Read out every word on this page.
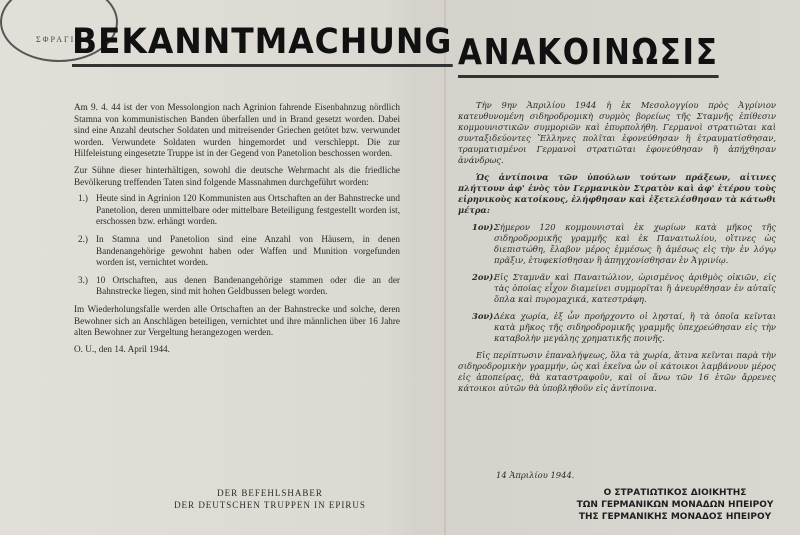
ΣΦΡΑΓΙΣ
BEKANNTMACHUNG

Am 9. 4. 44 ist der von Messolongion nach Agrinion fahrende Eisenbahnzug nördlich Stamna von kommunistischen Banden überfallen und in Brand gesetzt worden. Dabei sind eine Anzahl deutscher Soldaten und mitreisender Griechen getötet bzw. verwundet worden. Verwundete Soldaten wurden hingemordet und verschleppt. Die zur Hilfeleistung eingesetzte Truppe ist in der Gegend von Panetolion beschossen worden.

Zur Sühne dieser hinterhältigen, sowohl die deutsche Wehrmacht als die friedliche Bevölkerung treffenden Taten sind folgende Massnahmen durchgeführt worden:

1.) Heute sind in Agrinion 120 Kommunisten aus Ortschaften an der Bahnstrecke und Panetolion, deren unmittelbare oder mittelbare Beteiligung festgestellt worden ist, erschossen bzw. erhängt worden.
2.) In Stamna und Panetolion sind eine Anzahl von Häusern, in denen Bandenangehörige gewohnt haben oder Waffen und Munition vorgefunden worden ist, vernichtet worden.
3.) 10 Ortschaften, aus denen Bandenangehörige stammen oder die an der Bahnstrecke liegen, sind mit hohen Geldbussen belegt worden.

Im Wiederholungsfalle werden alle Ortschaften an der Bahnstrecke und solche, deren Bewohner sich an Anschlägen beteiligen, vernichtet und ihre männlichen über 16 Jahre alten Bewohner zur Vergeltung herangezogen werden.

O. U., den 14. April 1944.

DER BEFEHLSHABER
DER DEUTSCHEN TRUPPEN IN EPIRUS
ΑΝΑΚΟΙΝΩΣΙΣ

Τὴν 9ην Ἀπριλίου 1944 ἡ ἐκ Μεσολογγίου πρὸς Ἀγρίνιον κατευθυνομένη σιδηροδρομικὴ συρμὸς βορείως τῆς Σταμνῆς ἐπίθεσιν κομμουνιστικῶν συμμοριῶν καὶ ἐπυρπολήθη. Γερμανοὶ στρατιῶται καὶ συνταξιδεύοντες Ἕλληνες πολῖται ἐφονεύθησαν ἢ ἐτραυματίσθησαν, τραυματισμένοι Γερμανοὶ στρατιῶται ἐφονεύθησαν ἢ ἀπήχθησαν ἀνάνδρως.

Ὡς ἀντίποινα τῶν ὑπούλων τούτων πράξεων, αἱτινες πλήττουν ἀφ' ἑνὸς τὸν Γερμανικὸν Στρατὸν καὶ ἀφ' ἑτέρου τοὺς εἰρηνικοὺς κατοίκους, ἐλήφθησαν καὶ ἐξετελέσθησαν τὰ κάτωθι μέτρα:

1ον).
Σήμερον 120 κομμουνισταὶ ἐκ χωρίων κατὰ μῆκος τῆς σιδηροδρομικῆς γραμμῆς καὶ ἐκ Παναιτωλίου, οἵτινες ὡς διεπιστώθη, ἔλαβον μέρος ἐμμέσως ἢ ἀμέσως εἰς τὴν ἐν λόγῳ πρᾶξιν, ἐτυφεκίσθησαν ἢ ἀπηγχονίσθησαν ἐν Ἀγρινίῳ.

2ον).
Εἰς Σταμνᾶν καὶ Παναιτώλιον, ὡρισμένος ἀριθμὸς οἰκιῶν, εἰς τὰς ὁποίας εἶχον διαμείνει συμμορῖται ἢ ἀνευρέθησαν ἐν αὐταῖς ὅπλα καὶ πυρομαχικά, κατεστράφη.

3ον).
Δέκα χωρία, ἐξ ὧν προήρχοντο οἱ λῃσταί, ἢ τὰ ὁποῖα κεῖνται κατὰ μῆκος τῆς σιδηροδρομικῆς γραμμῆς ὑπεχρεώθησαν εἰς τὴν καταβολὴν μεγάλης χρηματικῆς ποινῆς.

Εἰς περίπτωσιν ἐπαναλήψεως, ὅλα τὰ χωρία, ἅτινα κεῖνται παρὰ τὴν σιδηροδρομικὴν γραμμήν, ὡς καὶ ἐκεῖνα ὧν οἱ κάτοικοι λαμβάνουν μέρος εἰς ἀποπείρας, θὰ καταστραφοῦν, καὶ οἱ ἄνω τῶν 16 ἐτῶν ἄρρενες κάτοικοι αὐτῶν θὰ ὑποβληθοῦν εἰς ἀντίποινα.

14 Ἀπριλίου 1944.
Ο ΣΤΡΑΤΙΩΤΙΚΟΣ ΔΙΟΙΚΗΤΗΣ
ΤΩΝ ΓΕΡΜΑΝΙΚΩΝ ΜΟΝΑΔΩΝ ΗΠΕΙΡΟΥ
ΤΗΣ ΓΕΡΜΑΝΙΚΗΣ ΜΟΝΑΔΟΣ ΗΠΕΙΡΟΥ
